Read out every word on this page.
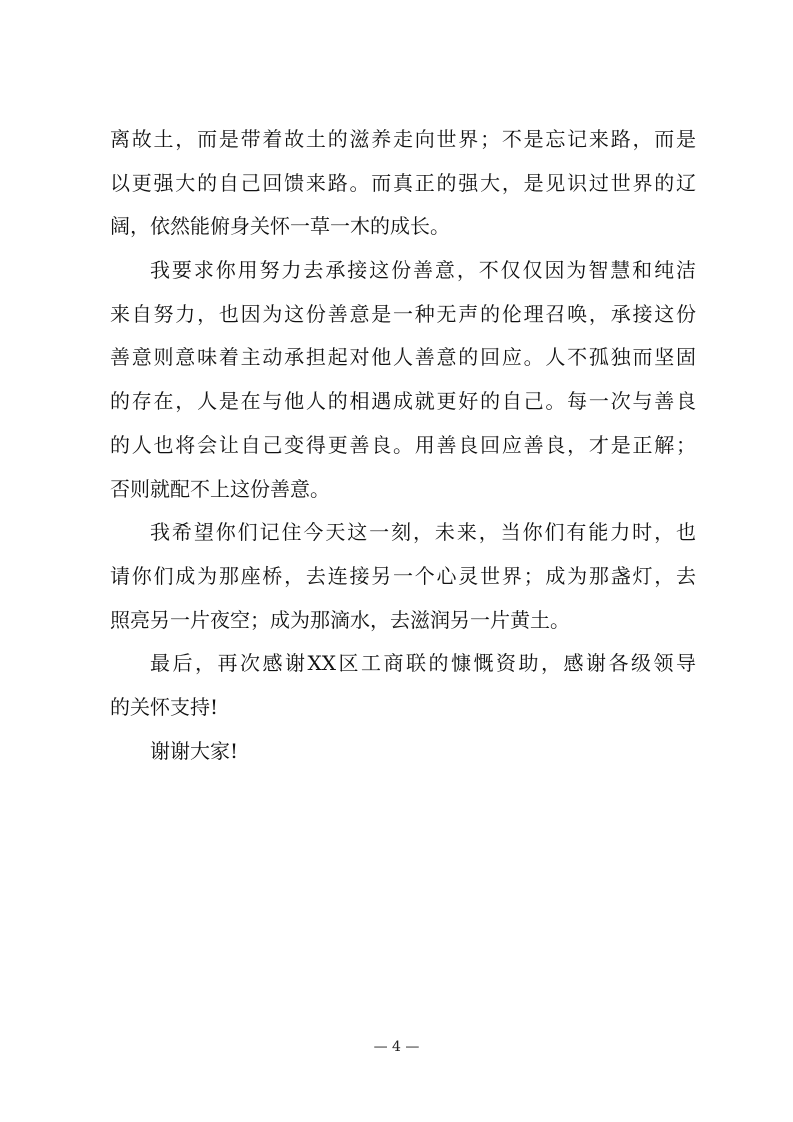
离故土，而是带着故土的滋养走向世界；不是忘记来路，而是
以更强大的自己回馈来路。而真正的强大，是见识过世界的辽
阔，依然能俯身关怀一草一木的成长。
我要求你用努力去承接这份善意，不仅仅因为智慧和纯洁
来自努力，也因为这份善意是一种无声的伦理召唤，承接这份
善意则意味着主动承担起对他人善意的回应。人不孤独而坚固
的存在，人是在与他人的相遇成就更好的自己。每一次与善良
的人也将会让自己变得更善良。用善良回应善良，才是正解；
否则就配不上这份善意。
我希望你们记住今天这一刻，未来，当你们有能力时，也
请你们成为那座桥，去连接另一个心灵世界；成为那盏灯，去
照亮另一片夜空；成为那滴水，去滋润另一片黄土。
最后，再次感谢XX区工商联的慷慨资助，感谢各级领导
的关怀支持!
谢谢大家!
— 4 —
